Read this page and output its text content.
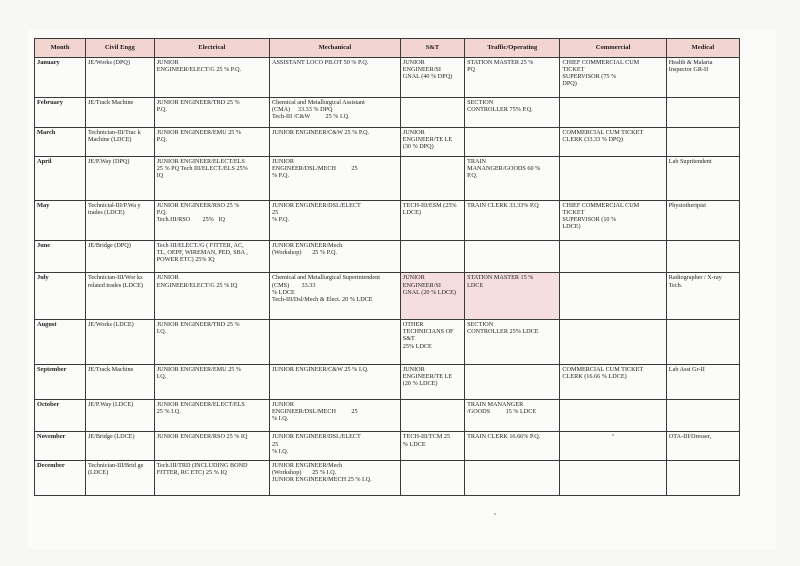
Month	Civil Engg	Electrical	Mechanical	S&T	Traffic/Operating	Commercial	Medical

January	JE/Works (DPQ)	JUNIOR
ENGINEER/ELECT/G 25 % P.Q.	ASSISTANT LOCO PILOT 50 % P.Q.	JUNIOR
ENGINEER/SI
GNAL (40 % DPQ)	STATION MASTER 25 %
PQ	CHIEF COMMERCIAL CUM
TICKET
SUPERVISOR (75 %
DPQ)	Health & Malaria
Inspector GR-II

February	JE/Track Machine	JUNIOR ENGINEER/TRD 25 %
P.Q.	Chemical and Metallurgical Assistant
(CMA)     33.33 % DPQ
Tech-III /C&W          25 % I.Q.		SECTION
CONTROLLER 75% P.Q.		

March	Technician-III/Trac k
Machine (LDCE)	JUNIOR ENGINEER/EMU 25 %
P.Q.	JUNIOR ENGINEER/C&W 25 % P.Q.	JUNIOR
ENGINEER/TE LE
(30 % DPQ)		COMMERCIAL CUM TICKET
CLERK (33.33 % DPQ)	

April	JE/P.Way (DPQ)	JUNIOR ENGINEER/ELECT/ELS
25 % PQ Tech III/ELECT./ELS 25%
IQ	JUNIOR
ENGINEER/DSL/MECH          25
% P.Q.		TRAIN
MANANGER/GOODS 60 %
P.Q.		Lab Supritendent

May	Technicial-III/P.Wa y
trades (LDCE)	JUNIOR ENGINEER/RSO 25 %
P.Q.
Tech.III/RSO        25%   IQ	JUNIOR ENGINEER/DSL/ELECT
25
% P.Q.	TECH-III/ESM (25%
LDCE)	TRAIN CLERK 33.33% P.Q	CHIEF COMMERCIAL CUM
TICKET
SUPERVISOR (10 %
LDCE)	Physiotheripist

June	JE/Bridge (DPQ)	Tech III/ELECT./G ( FITTER, AC,
TL, OEPF, WIREMAN, PED, SBA ,
POWER ETC) 25% IQ	JUNIOR ENGINEER/Mech
(Workshop)       25 % P.Q.				

July	Technician-III/Wor ks
related trades (LDCE)	JUNIOR
ENGINEER/ELECT/G 25 % IQ	Chemical and Metallurgical Superintendent
(CMS)        33.33
% LDCE
Tech-III/Dsl/Mech & Elect. 20 % LDCE	JUNIOR
ENGINEER/SI
GNAL (20 % LDCE)	STATION MASTER 15 %
LDCE		Radiographer / X-ray
Tech.

August	JE/Works (LDCE)	JUNIOR ENGINEER/TRD 25 %
I.Q.		OTHER
TECHNICIANS OF
S&T
25% LDCE	SECTION
CONTROLLER 25% LDCE		

September	JE/Track Machine	JUNIOR ENGINEER/EMU 25 %
I.Q.	JUNIOR ENGINEER/C&W 25 % I.Q.	JUNIOR
ENGINEER/TE LE
(20 % LDCE)		COMMERCIAL CUM TICKET
CLERK (16.66 % LDCE)	Lab Asst Gr-II

October	JE/P.Way (LDCE)	JUNIOR ENGINEER/ELECT/ELS
25 % I.Q.	JUNIOR
ENGINEER/DSL/MECH          25
% I.Q.		TRAIN MANANGER
/GOODS          15 % LDCE		

November	JE/Bridge (LDCE)	JUNIOR ENGINEER/RSO 25 % IQ	JUNIOR ENGINEER/DSL/ELECT
25
% I.Q.	TECH-III/TCM 25
% LDCE	TRAIN CLERK 16.66% P.Q.		OTA-III/Dresser,

December	Technician-III/Brid ge
(LDCE)	Tech.III/TRD (INCLUDING BOND
FITTER, RC ETC) 25 % IQ	JUNIOR ENGINEER/Mech
(Workshop)       25 % I.Q.
JUNIOR ENGINEER/MECH 25 % I.Q.				
